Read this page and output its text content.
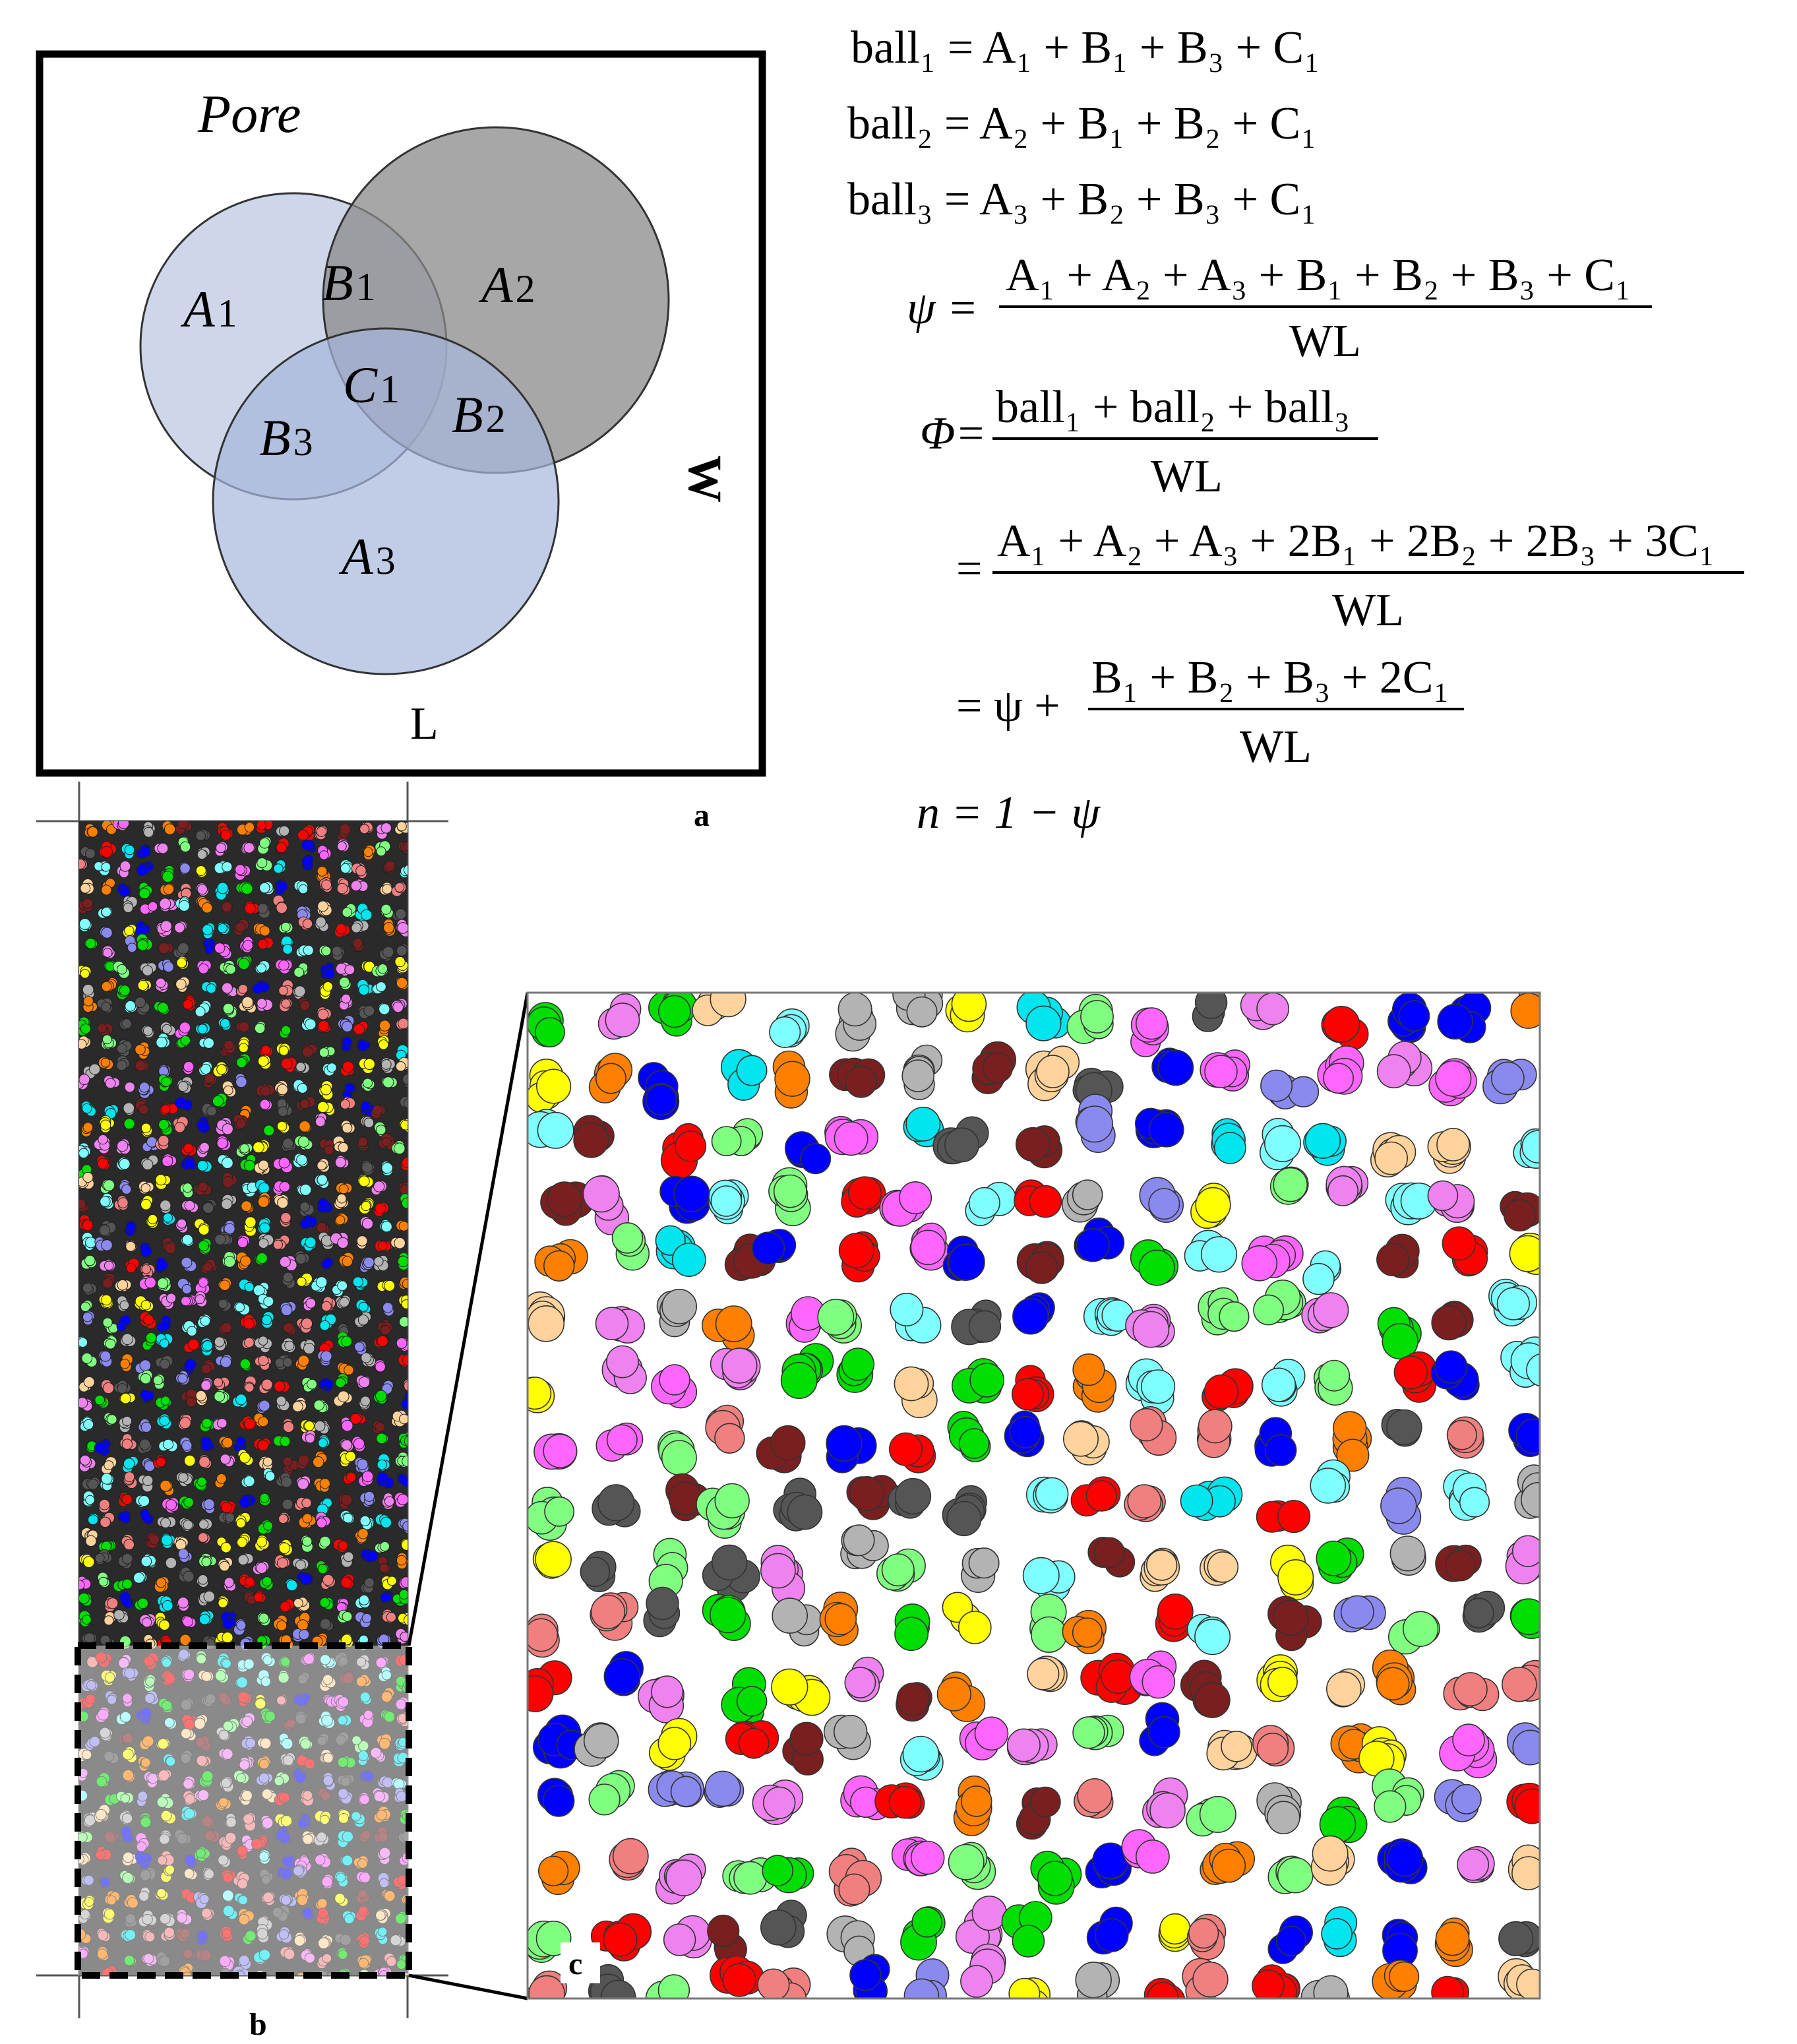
Pore
A1
B1 A2
C1 B2
B3
A3
L
W
a
ball₁ = A₁ + B₁ + B₃ + C₁
ball₂ = A₂ + B₁ + B₂ + C₁
ball₃ = A₃ + B₂ + B₃ + C₁
ψ =
A₁ + A₂ + A₃ + B₁ + B₂ + B₃ + C₁
WL
Φ=
ball₁ + ball₂ + ball₃
WL
=
A₁ + A₂ + A₃ + 2B₁ + 2B₂ + 2B₃ + 3C₁
WL
= ψ +
B₁ + B₂ + B₃ + 2C₁
WL
n = 1 − ψ
b
c
